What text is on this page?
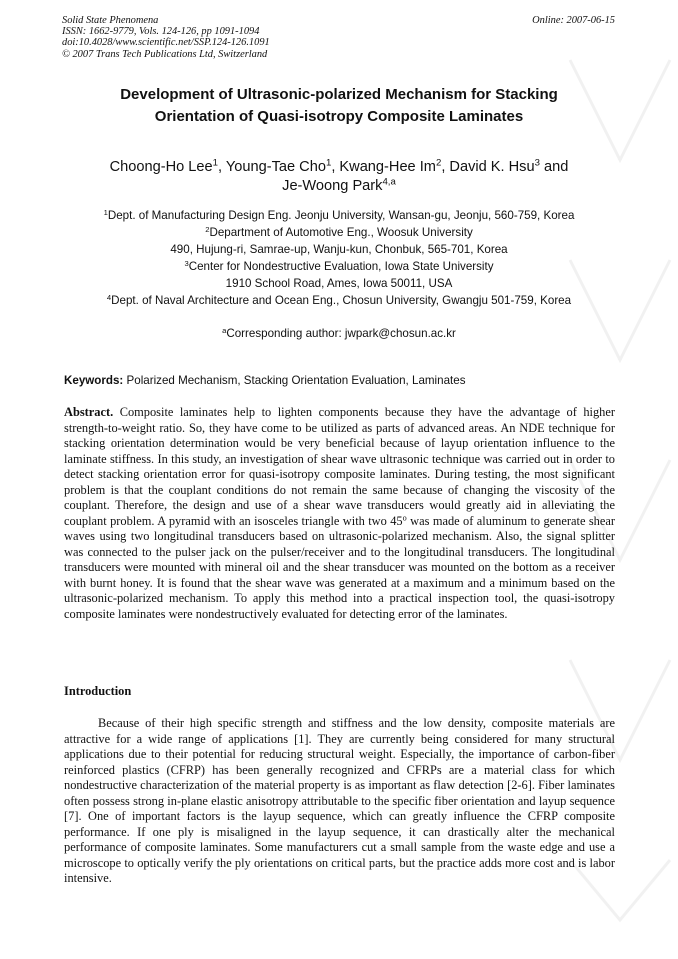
Solid State Phenomena
ISSN: 1662-9779, Vols. 124-126, pp 1091-1094
doi:10.4028/www.scientific.net/SSP.124-126.1091
© 2007 Trans Tech Publications Ltd, Switzerland
Online: 2007-06-15
Development of Ultrasonic-polarized Mechanism for Stacking
Orientation of Quasi-isotropy Composite Laminates
Choong-Ho Lee$^1$, Young-Tae Cho$^1$, Kwang-Hee Im$^2$, David K. Hsu$^3$ and
Je-Woong Park$^{4,a}$
$^1$Dept. of Manufacturing Design Eng. Jeonju University, Wansan-gu, Jeonju, 560-759, Korea
$^2$Department of Automotive Eng., Woosuk University
490, Hujung-ri, Samrae-up, Wanju-kun, Chonbuk, 565-701, Korea
$^3$Center for Nondestructive Evaluation, Iowa State University
1910 School Road, Ames, Iowa 50011, USA
$^4$Dept. of Naval Architecture and Ocean Eng., Chosun University, Gwangju 501-759, Korea
$^a$Corresponding author: jwpark@chosun.ac.kr
Keywords: Polarized Mechanism, Stacking Orientation Evaluation, Laminates
Abstract. Composite laminates help to lighten components because they have the advantage of higher strength-to-weight ratio. So, they have come to be utilized as parts of advanced areas. An NDE technique for stacking orientation determination would be very beneficial because of layup orientation influence to the laminate stiffness. In this study, an investigation of shear wave ultrasonic technique was carried out in order to detect stacking orientation error for quasi-isotropy composite laminates. During testing, the most significant problem is that the couplant conditions do not remain the same because of changing the viscosity of the couplant. Therefore, the design and use of a shear wave transducers would greatly aid in alleviating the couplant problem. A pyramid with an isosceles triangle with two 45$^o$ was made of aluminum to generate shear waves using two longitudinal transducers based on ultrasonic-polarized mechanism. Also, the signal splitter was connected to the pulser jack on the pulser/receiver and to the longitudinal transducers. The longitudinal transducers were mounted with mineral oil and the shear transducer was mounted on the bottom as a receiver with burnt honey. It is found that the shear wave was generated at a maximum and a minimum based on the ultrasonic-polarized mechanism. To apply this method into a practical inspection tool, the quasi-isotropy composite laminates were nondestructively evaluated for detecting error of the laminates.
Introduction
Because of their high specific strength and stiffness and the low density, composite materials are attractive for a wide range of applications [1]. They are currently being considered for many structural applications due to their potential for reducing structural weight. Especially, the importance of carbon-fiber reinforced plastics (CFRP) has been generally recognized and CFRPs are a material class for which nondestructive characterization of the material property is as important as flaw detection [2-6]. Fiber laminates often possess strong in-plane elastic anisotropy attributable to the specific fiber orientation and layup sequence [7]. One of important factors is the layup sequence, which can greatly influence the CFRP composite performance. If one ply is misaligned in the layup sequence, it can drastically alter the mechanical performance of composite laminates. Some manufacturers cut a small sample from the waste edge and use a microscope to optically verify the ply orientations on critical parts, but the practice adds more cost and is labor intensive.
